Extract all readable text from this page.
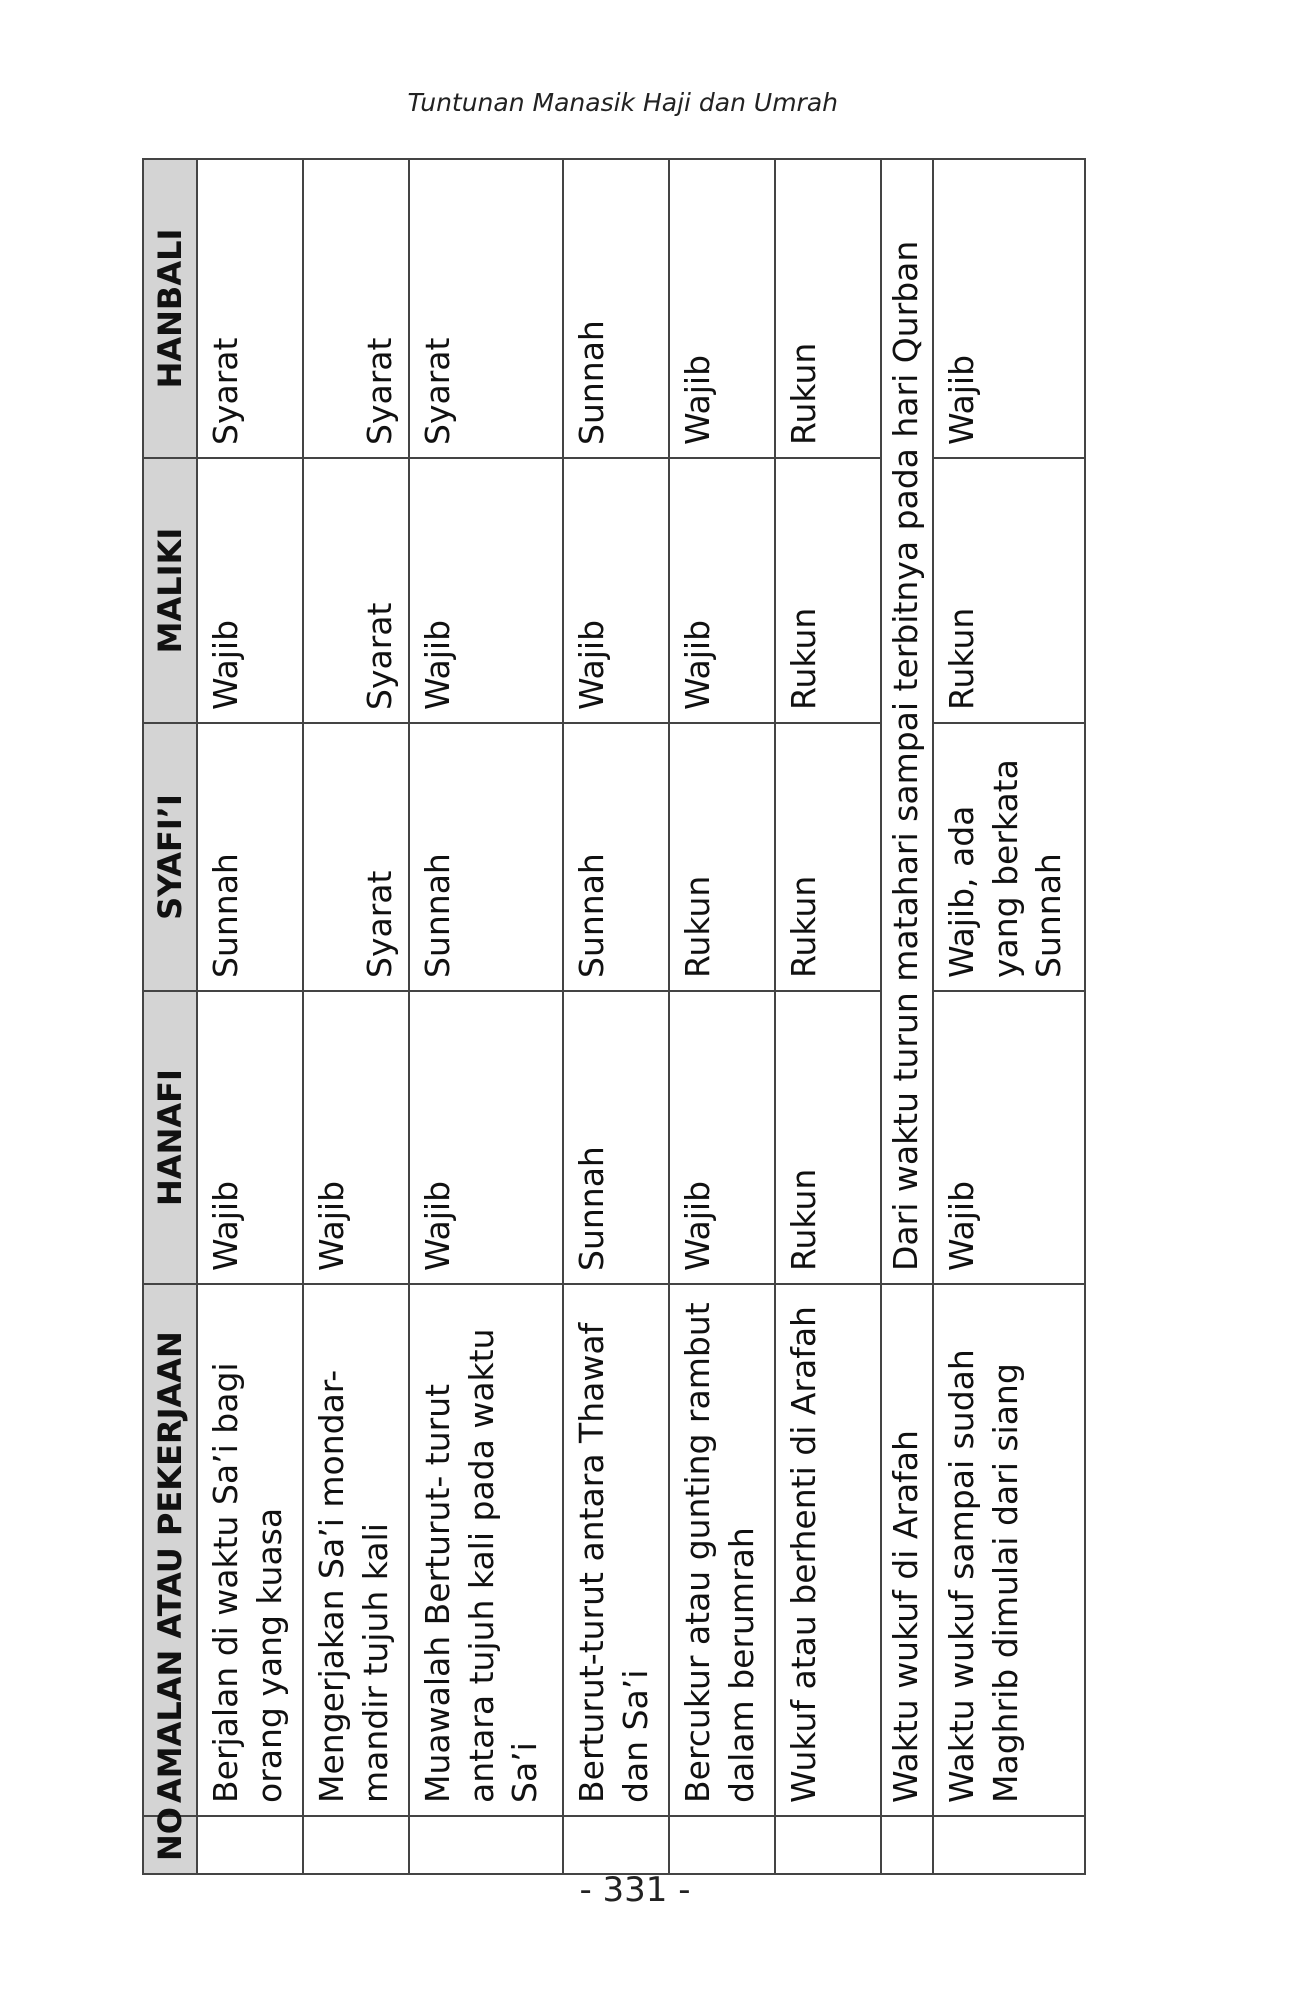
Tuntunan Manasik Haji dan Umrah
NO	AMALAN ATAU PEKERJAAN	HANAFI	SYAFI’I	MALIKI	HANBALI
	Berjalan di waktu Sa’i bagi orang yang kuasa	Wajib	Sunnah	Wajib	Syarat
	Mengerjakan Sa’i mondar-mandir tujuh kali	Wajib	Syarat	Syarat	Syarat
	Muawalah Berturut- turut antara tujuh kali pada waktu Sa’i	Wajib	Sunnah	Wajib	Syarat
	Berturut-turut antara Thawaf dan Sa’i	Sunnah	Sunnah	Wajib	Sunnah
	Bercukur atau gunting rambut dalam berumrah	Wajib	Rukun	Wajib	Wajib
	Wukuf atau berhenti di Arafah	Rukun	Rukun	Rukun	Rukun
	Waktu wukuf di Arafah	Dari waktu turun matahari sampai terbitnya pada hari Qurban			
	Waktu wukuf sampai sudah Maghrib dimulai dari siang	Wajib	Wajib, ada yang berkata Sunnah	Rukun	Wajib
- 331 -
